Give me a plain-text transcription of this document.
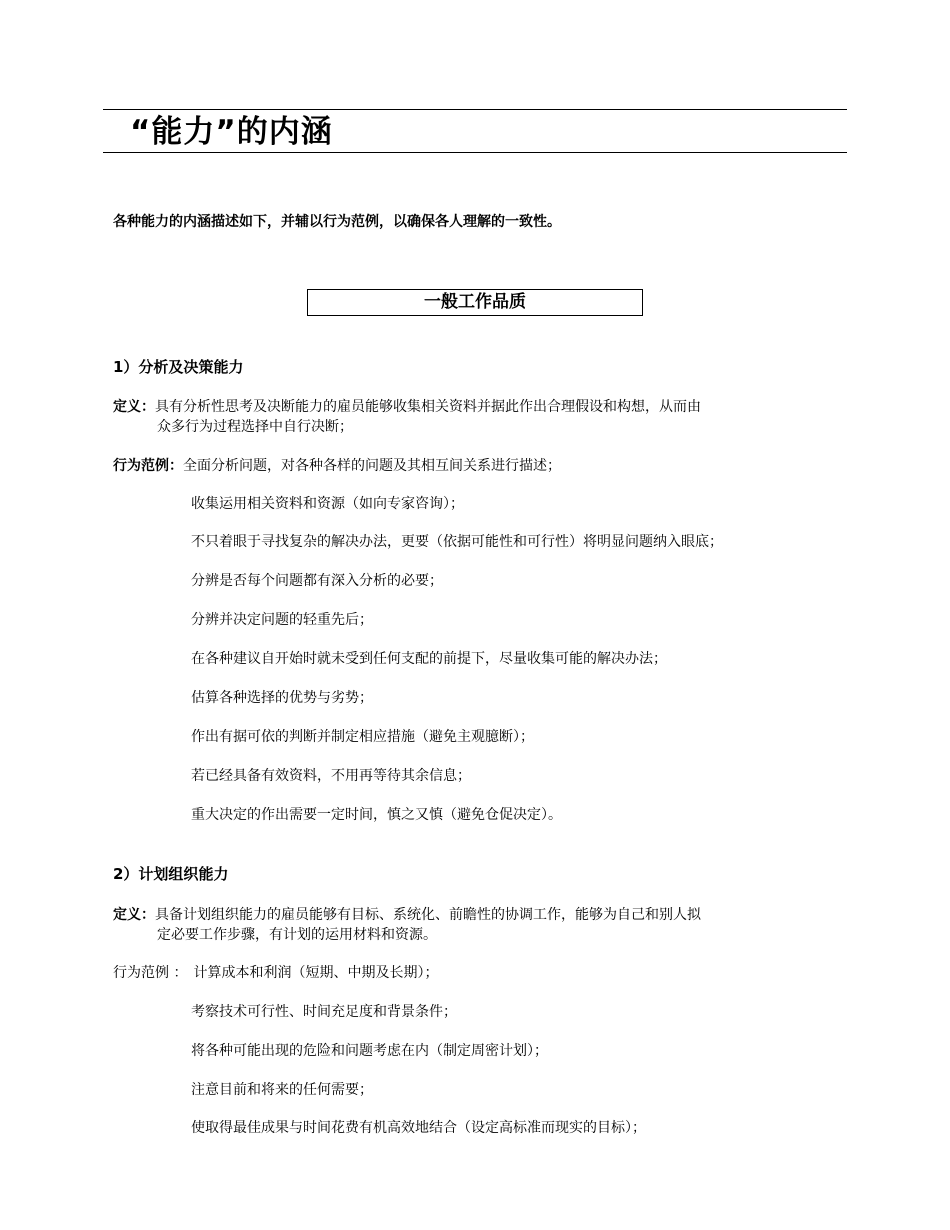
“能力”的内涵
各种能力的内涵描述如下，并辅以行为范例，以确保各人理解的一致性。
一般工作品质
1）分析及决策能力
定义：具有分析性思考及决断能力的雇员能够收集相关资料并据此作出合理假设和构想，从而由
众多行为过程选择中自行决断；
行为范例：全面分析问题，对各种各样的问题及其相互间关系进行描述；
收集运用相关资料和资源（如向专家咨询）；
不只着眼于寻找复杂的解决办法，更要（依据可能性和可行性）将明显问题纳入眼底；
分辨是否每个问题都有深入分析的必要；
分辨并决定问题的轻重先后；
在各种建议自开始时就未受到任何支配的前提下，尽量收集可能的解决办法；
估算各种选择的优势与劣势；
作出有据可依的判断并制定相应措施（避免主观臆断）；
若已经具备有效资料，不用再等待其余信息；
重大决定的作出需要一定时间，慎之又慎（避免仓促决定）。
2）计划组织能力
定义：具备计划组织能力的雇员能够有目标、系统化、前瞻性的协调工作，能够为自己和别人拟
定必要工作步骤，有计划的运用材料和资源。
行为范例 ： 计算成本和利润（短期、中期及长期）；
考察技术可行性、时间充足度和背景条件；
将各种可能出现的危险和问题考虑在内（制定周密计划）；
注意目前和将来的任何需要；
使取得最佳成果与时间花费有机高效地结合（设定高标准而现实的目标）；
